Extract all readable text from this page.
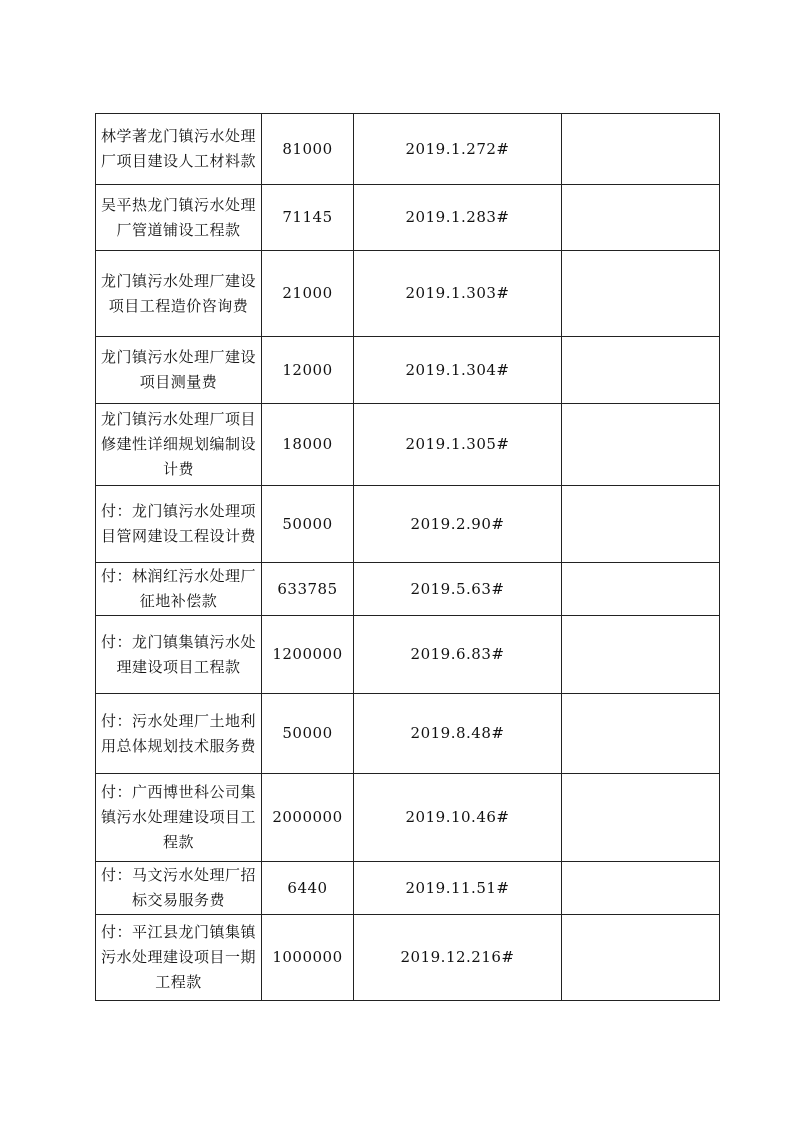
林学著龙门镇污水处理厂项目建设人工材料款	81000	2019.1.272#	
吴平热龙门镇污水处理厂管道铺设工程款	71145	2019.1.283#	
龙门镇污水处理厂建设项目工程造价咨询费	21000	2019.1.303#	
龙门镇污水处理厂建设项目测量费	12000	2019.1.304#	
龙门镇污水处理厂项目修建性详细规划编制设计费	18000	2019.1.305#	
付：龙门镇污水处理项目管网建设工程设计费	50000	2019.2.90#	
付：林润红污水处理厂征地补偿款	633785	2019.5.63#	
付：龙门镇集镇污水处理建设项目工程款	1200000	2019.6.83#	
付：污水处理厂土地利用总体规划技术服务费	50000	2019.8.48#	
付：广西博世科公司集镇污水处理建设项目工程款	2000000	2019.10.46#	
付：马文污水处理厂招标交易服务费	6440	2019.11.51#	
付：平江县龙门镇集镇污水处理建设项目一期工程款	1000000	2019.12.216#	
